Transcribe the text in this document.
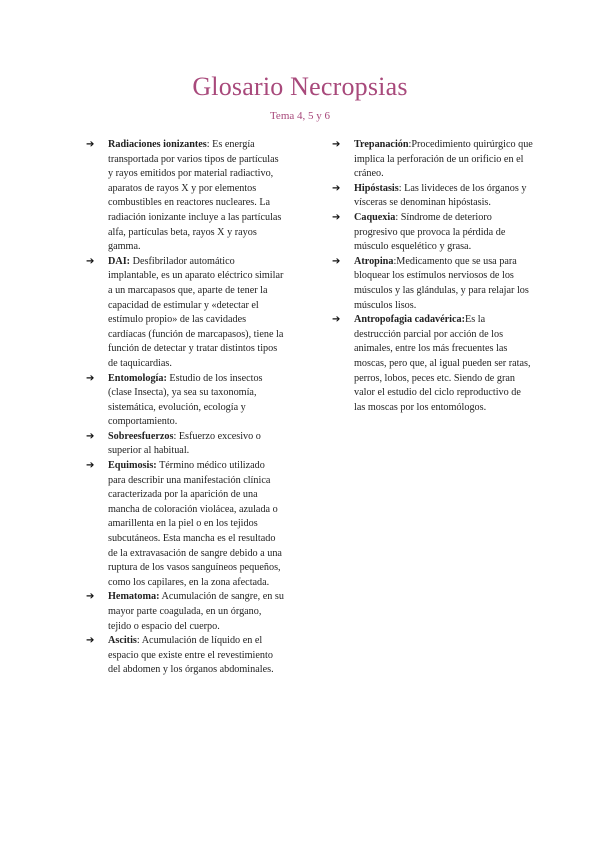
Glosario Necropsias
Tema 4, 5 y 6

➔ Radiaciones ionizantes: Es energía transportada por varios tipos de partículas y rayos emitidos por material radiactivo, aparatos de rayos X y por elementos combustibles en reactores nucleares. La radiación ionizante incluye a las partículas alfa, partículas beta, rayos X y rayos gamma.

➔ DAI: Desfibrilador automático implantable, es un aparato eléctrico similar a un marcapasos que, aparte de tener la capacidad de estimular y «detectar el estímulo propio» de las cavidades cardíacas (función de marcapasos), tiene la función de detectar y tratar distintos tipos de taquicardias.

➔ Entomología: Estudio de los insectos (clase Insecta), ya sea su taxonomía, sistemática, evolución, ecología y comportamiento.

➔ Sobreesfuerzos: Esfuerzo excesivo o superior al habitual.

➔ Equimosis: Término médico utilizado para describir una manifestación clínica caracterizada por la aparición de una mancha de coloración violácea, azulada o amarillenta en la piel o en los tejidos subcutáneos. Esta mancha es el resultado de la extravasación de sangre debido a una ruptura de los vasos sanguíneos pequeños, como los capilares, en la zona afectada.

➔ Hematoma: Acumulación de sangre, en su mayor parte coagulada, en un órgano, tejido o espacio del cuerpo.

➔ Ascitis: Acumulación de líquido en el espacio que existe entre el revestimiento del abdomen y los órganos abdominales.

➔ Trepanación:Procedimiento quirúrgico que implica la perforación de un orificio en el cráneo.

➔ Hipóstasis: Las livideces de los órganos y vísceras se denominan hipóstasis.

➔ Caquexia: Síndrome de deterioro progresivo que provoca la pérdida de músculo esquelético y grasa.

➔ Atropina:Medicamento que se usa para bloquear los estímulos nerviosos de los músculos y las glándulas, y para relajar los músculos lisos.

➔ Antropofagia cadavérica:Es la destrucción parcial por acción de los animales, entre los más frecuentes las moscas, pero que, al igual pueden ser ratas, perros, lobos, peces etc. Siendo de gran valor el estudio del ciclo reproductivo de las moscas por los entomólogos.
